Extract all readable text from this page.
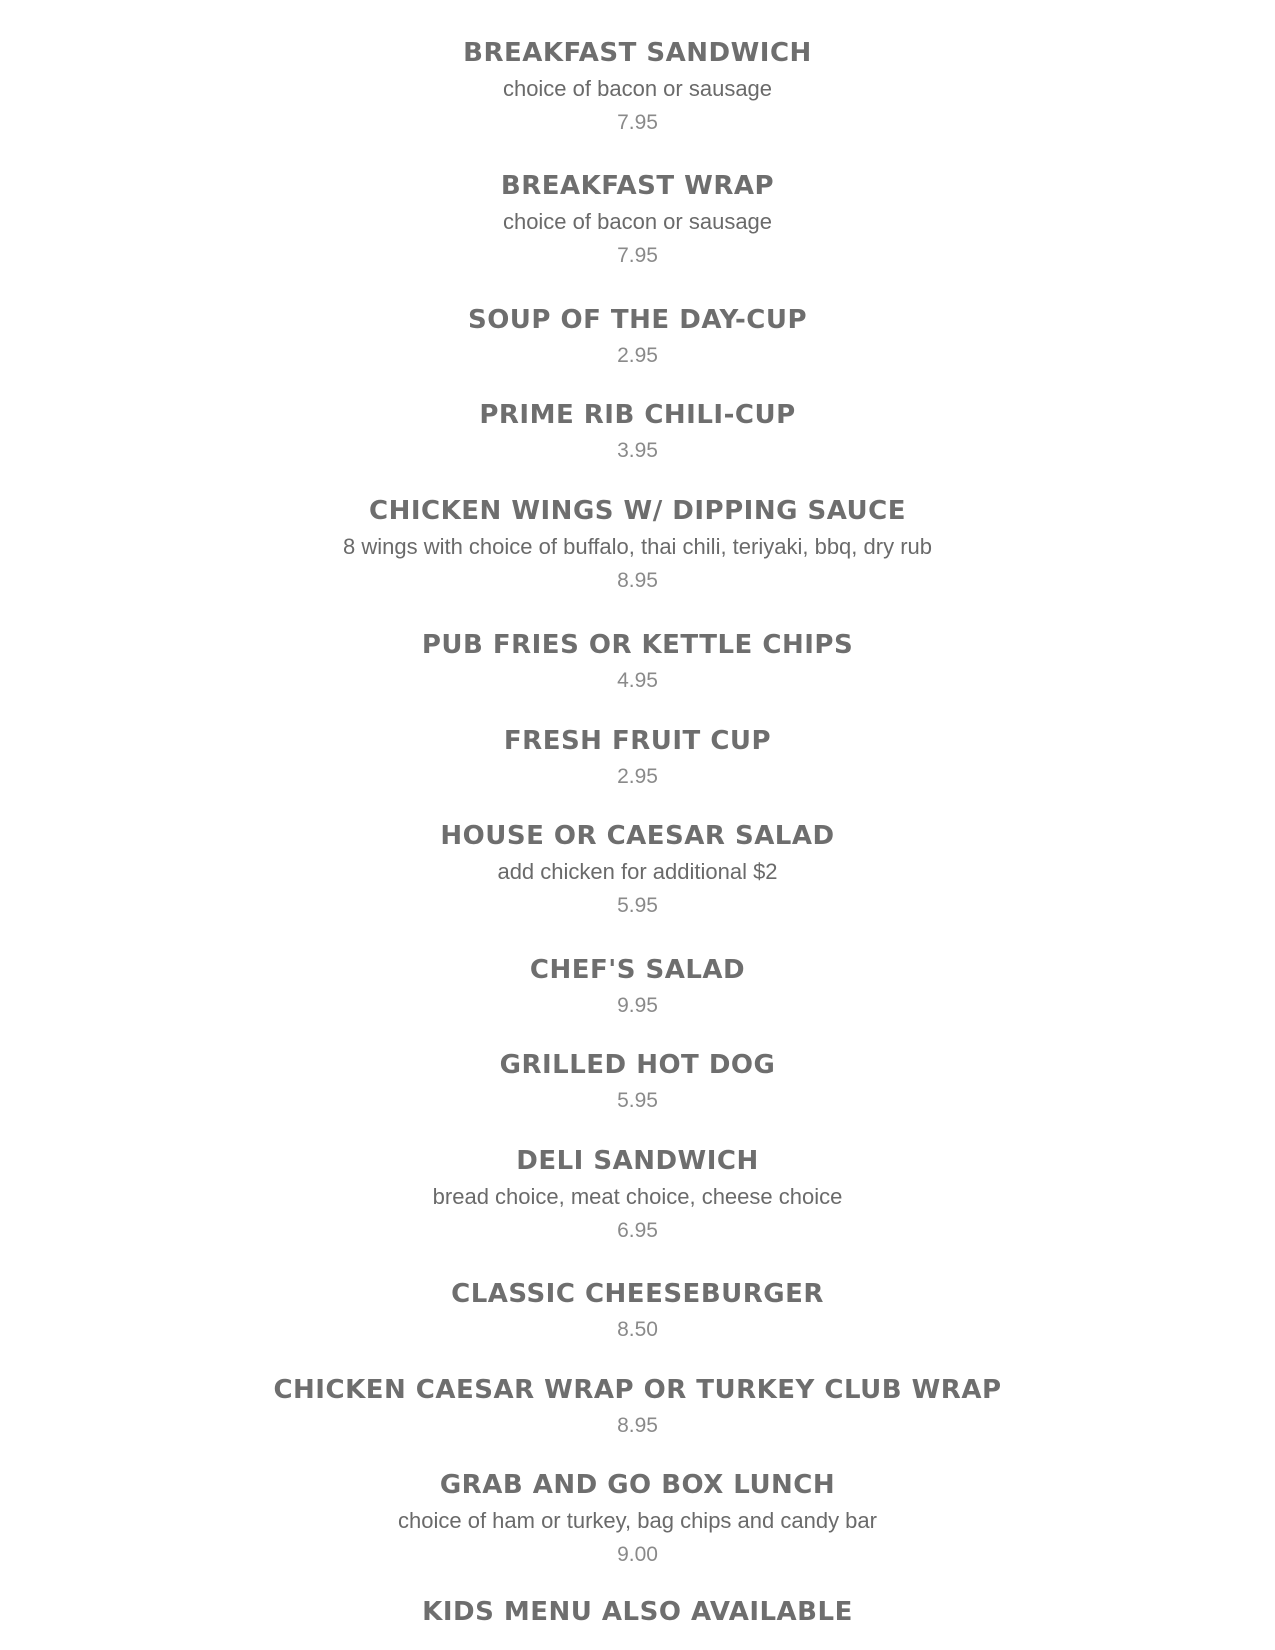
BREAKFAST SANDWICH
choice of bacon or sausage
7.95
BREAKFAST WRAP
choice of bacon or sausage
7.95
SOUP OF THE DAY-CUP
2.95
PRIME RIB CHILI-CUP
3.95
CHICKEN WINGS W/ DIPPING SAUCE
8 wings with choice of buffalo, thai chili, teriyaki, bbq, dry rub
8.95
PUB FRIES OR KETTLE CHIPS
4.95
FRESH FRUIT CUP
2.95
HOUSE OR CAESAR SALAD
add chicken for additional $2
5.95
CHEF'S SALAD
9.95
GRILLED HOT DOG
5.95
DELI SANDWICH
bread choice, meat choice, cheese choice
6.95
CLASSIC CHEESEBURGER
8.50
CHICKEN CAESAR WRAP OR TURKEY CLUB WRAP
8.95
GRAB AND GO BOX LUNCH
choice of ham or turkey, bag chips and candy bar
9.00
KIDS MENU ALSO AVAILABLE
